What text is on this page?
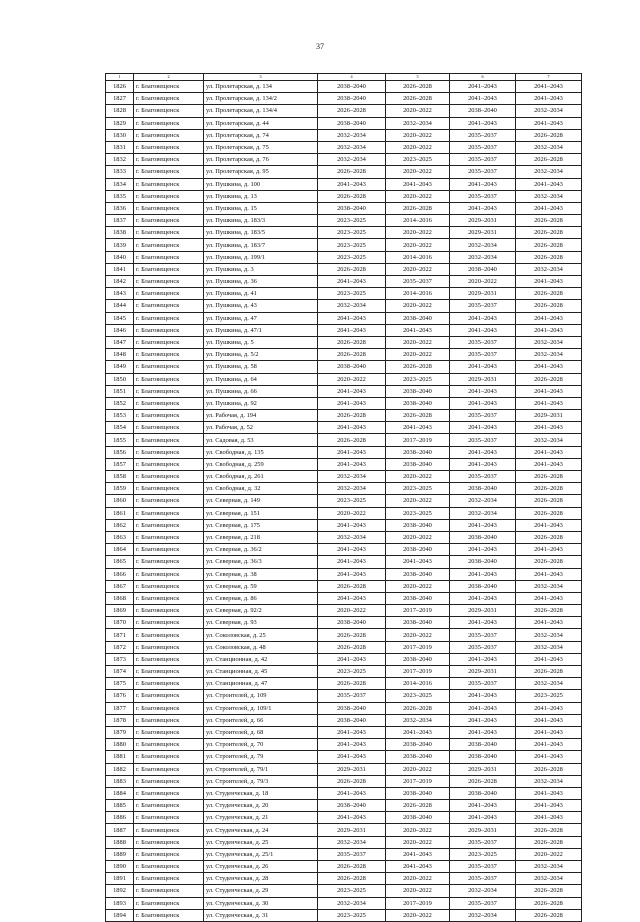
37
1	2	3	4	5	6	7
1826	г. Благовещенск	ул. Пролетарская, д. 134	2038–2040	2026–2028	2041–2043	2041–2043
1827	г. Благовещенск	ул. Пролетарская, д. 134/2	2038–2040	2026–2028	2041–2043	2041–2043
1828	г. Благовещенск	ул. Пролетарская, д. 134/4	2026–2028	2020–2022	2038–2040	2032–2034
1829	г. Благовещенск	ул. Пролетарская, д. 44	2038–2040	2032–2034	2041–2043	2041–2043
1830	г. Благовещенск	ул. Пролетарская, д. 74	2032–2034	2020–2022	2035–2037	2026–2028
1831	г. Благовещенск	ул. Пролетарская, д. 75	2032–2034	2020–2022	2035–2037	2032–2034
1832	г. Благовещенск	ул. Пролетарская, д. 76	2032–2034	2023–2025	2035–2037	2026–2028
1833	г. Благовещенск	ул. Пролетарская, д. 95	2026–2028	2020–2022	2035–2037	2032–2034
1834	г. Благовещенск	ул. Пушкина, д. 100	2041–2043	2041–2043	2041–2043	2041–2043
1835	г. Благовещенск	ул. Пушкина, д. 13	2026–2028	2020–2022	2035–2037	2032–2034
1836	г. Благовещенск	ул. Пушкина, д. 15	2038–2040	2026–2028	2041–2043	2041–2043
1837	г. Благовещенск	ул. Пушкина, д. 183/3	2023–2025	2014–2016	2029–2031	2026–2028
1838	г. Благовещенск	ул. Пушкина, д. 183/5	2023–2025	2020–2022	2029–2031	2026–2028
1839	г. Благовещенск	ул. Пушкина, д. 183/7	2023–2025	2020–2022	2032–2034	2026–2028
1840	г. Благовещенск	ул. Пушкина, д. 199/1	2023–2025	2014–2016	2032–2034	2026–2028
1841	г. Благовещенск	ул. Пушкина, д. 3	2026–2028	2020–2022	2038–2040	2032–2034
1842	г. Благовещенск	ул. Пушкина, д. 36	2041–2043	2035–2037	2020–2022	2041–2043
1843	г. Благовещенск	ул. Пушкина, д. 41	2023–2025	2014–2016	2029–2031	2026–2028
1844	г. Благовещенск	ул. Пушкина, д. 43	2032–2034	2020–2022	2035–2037	2026–2028
1845	г. Благовещенск	ул. Пушкина, д. 47	2041–2043	2038–2040	2041–2043	2041–2043
1846	г. Благовещенск	ул. Пушкина, д. 47/1	2041–2043	2041–2043	2041–2043	2041–2043
1847	г. Благовещенск	ул. Пушкина, д. 5	2026–2028	2020–2022	2035–2037	2032–2034
1848	г. Благовещенск	ул. Пушкина, д. 5/2	2026–2028	2020–2022	2035–2037	2032–2034
1849	г. Благовещенск	ул. Пушкина, д. 58	2038–2040	2026–2028	2041–2043	2041–2043
1850	г. Благовещенск	ул. Пушкина, д. 64	2020–2022	2023–2025	2029–2031	2026–2028
1851	г. Благовещенск	ул. Пушкина, д. 66	2041–2043	2038–2040	2041–2043	2041–2043
1852	г. Благовещенск	ул. Пушкина, д. 92	2041–2043	2038–2040	2041–2043	2041–2043
1853	г. Благовещенск	ул. Рабочая, д. 194	2026–2028	2026–2028	2035–2037	2029–2031
1854	г. Благовещенск	ул. Рабочая, д. 52	2041–2043	2041–2043	2041–2043	2041–2043
1855	г. Благовещенск	ул. Садовая, д. 53	2026–2028	2017–2019	2035–2037	2032–2034
1856	г. Благовещенск	ул. Свободная, д. 135	2041–2043	2038–2040	2041–2043	2041–2043
1857	г. Благовещенск	ул. Свободная, д. 259	2041–2043	2038–2040	2041–2043	2041–2043
1858	г. Благовещенск	ул. Свободная, д. 261	2032–2034	2020–2022	2035–2037	2026–2028
1859	г. Благовещенск	ул. Свободная, д. 32	2032–2034	2023–2025	2038–2040	2026–2028
1860	г. Благовещенск	ул. Северная, д. 149	2023–2025	2020–2022	2032–2034	2026–2028
1861	г. Благовещенск	ул. Северная, д. 151	2020–2022	2023–2025	2032–2034	2026–2028
1862	г. Благовещенск	ул. Северная, д. 175	2041–2043	2038–2040	2041–2043	2041–2043
1863	г. Благовещенск	ул. Северная, д. 218	2032–2034	2020–2022	2038–2040	2026–2028
1864	г. Благовещенск	ул. Северная, д. 36/2	2041–2043	2038–2040	2041–2043	2041–2043
1865	г. Благовещенск	ул. Северная, д. 36/3	2041–2043	2041–2043	2038–2040	2026–2028
1866	г. Благовещенск	ул. Северная, д. 38	2041–2043	2038–2040	2041–2043	2041–2043
1867	г. Благовещенск	ул. Северная, д. 59	2026–2028	2020–2022	2038–2040	2032–2034
1868	г. Благовещенск	ул. Северная, д. 86	2041–2043	2038–2040	2041–2043	2041–2043
1869	г. Благовещенск	ул. Северная, д. 92/2	2020–2022	2017–2019	2029–2031	2026–2028
1870	г. Благовещенск	ул. Северная, д. 93	2038–2040	2038–2040	2041–2043	2041–2043
1871	г. Благовещенск	ул. Соколовская, д. 25	2026–2028	2020–2022	2035–2037	2032–2034
1872	г. Благовещенск	ул. Соколовская, д. 48	2026–2028	2017–2019	2035–2037	2032–2034
1873	г. Благовещенск	ул. Станционная, д. 42	2041–2043	2038–2040	2041–2043	2041–2043
1874	г. Благовещенск	ул. Станционная, д. 45	2023–2025	2017–2019	2029–2031	2026–2028
1875	г. Благовещенск	ул. Станционная, д. 47	2026–2028	2014–2016	2035–2037	2032–2034
1876	г. Благовещенск	ул. Строителей, д. 109	2035–2037	2023–2025	2041–2043	2023–2025
1877	г. Благовещенск	ул. Строителей, д. 109/1	2038–2040	2026–2028	2041–2043	2041–2043
1878	г. Благовещенск	ул. Строителей, д. 66	2038–2040	2032–2034	2041–2043	2041–2043
1879	г. Благовещенск	ул. Строителей, д. 68	2041–2043	2041–2043	2041–2043	2041–2043
1880	г. Благовещенск	ул. Строителей, д. 70	2041–2043	2038–2040	2038–2040	2041–2043
1881	г. Благовещенск	ул. Строителей, д. 79	2041–2043	2038–2040	2038–2040	2041–2043
1882	г. Благовещенск	ул. Строителей, д. 79/1	2029–2031	2020–2022	2029–2031	2026–2028
1883	г. Благовещенск	ул. Строителей, д. 79/3	2026–2028	2017–2019	2026–2028	2032–2034
1884	г. Благовещенск	ул. Студенческая, д. 18	2041–2043	2038–2040	2038–2040	2041–2043
1885	г. Благовещенск	ул. Студенческая, д. 20	2038–2040	2026–2028	2041–2043	2041–2043
1886	г. Благовещенск	ул. Студенческая, д. 21	2041–2043	2038–2040	2041–2043	2041–2043
1887	г. Благовещенск	ул. Студенческая, д. 24	2029–2031	2020–2022	2029–2031	2026–2028
1888	г. Благовещенск	ул. Студенческая, д. 25	2032–2034	2020–2022	2035–2037	2026–2028
1889	г. Благовещенск	ул. Студенческая, д. 25/1	2035–2037	2041–2043	2023–2025	2020–2022
1890	г. Благовещенск	ул. Студенческая, д. 26	2026–2028	2041–2043	2035–2037	2032–2034
1891	г. Благовещенск	ул. Студенческая, д. 28	2026–2028	2020–2022	2035–2037	2032–2034
1892	г. Благовещенск	ул. Студенческая, д. 29	2023–2025	2020–2022	2032–2034	2026–2028
1893	г. Благовещенск	ул. Студенческая, д. 30	2032–2034	2017–2019	2035–2037	2026–2028
1894	г. Благовещенск	ул. Студенческая, д. 31	2023–2025	2020–2022	2032–2034	2026–2028
